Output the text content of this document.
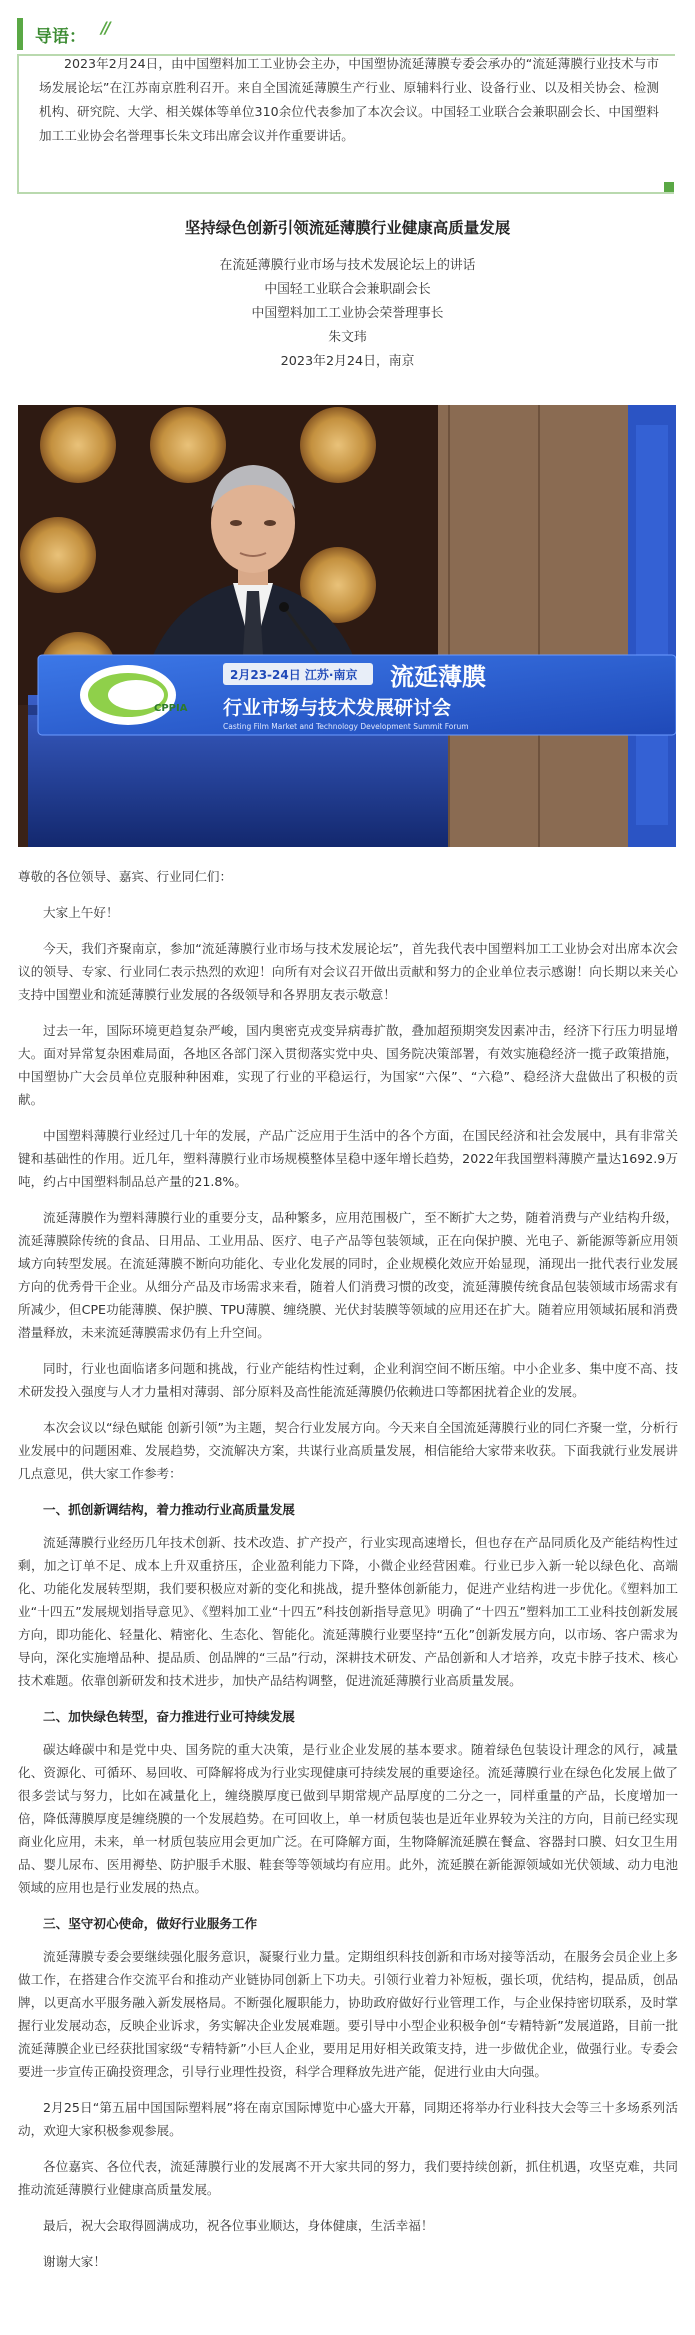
导语： //
2023年2月24日，由中国塑料加工工业协会主办，中国塑协流延薄膜专委会承办的“流延薄膜行业技术与市场发展论坛”在江苏南京胜利召开。来自全国流延薄膜生产行业、原辅料行业、设备行业、以及相关协会、检测机构、研究院、大学、相关媒体等单位310余位代表参加了本次会议。中国轻工业联合会兼职副会长、中国塑料加工工业协会名誉理事长朱文玮出席会议并作重要讲话。
坚持绿色创新引领流延薄膜行业健康高质量发展
在流延薄膜行业市场与技术发展论坛上的讲话
中国轻工业联合会兼职副会长
中国塑料加工工业协会荣誉理事长
朱文玮
2023年2月24日，南京
CPPIA
2月23-24日 江苏·南京 流延薄膜
行业市场与技术发展研讨会
Casting Film Market and Technology Development Summit Forum

尊敬的各位领导、嘉宾、行业同仁们：

大家上午好！

今天，我们齐聚南京，参加“流延薄膜行业市场与技术发展论坛”，首先我代表中国塑料加工工业协会对出席本次会议的领导、专家、行业同仁表示热烈的欢迎！向所有对会议召开做出贡献和努力的企业单位表示感谢！向长期以来关心支持中国塑业和流延薄膜行业发展的各级领导和各界朋友表示敬意！

过去一年，国际环境更趋复杂严峻，国内奥密克戎变异病毒扩散，叠加超预期突发因素冲击，经济下行压力明显增大。面对异常复杂困难局面，各地区各部门深入贯彻落实党中央、国务院决策部署，有效实施稳经济一揽子政策措施，中国塑协广大会员单位克服种种困难，实现了行业的平稳运行，为国家“六保”、“六稳”、稳经济大盘做出了积极的贡献。

中国塑料薄膜行业经过几十年的发展，产品广泛应用于生活中的各个方面，在国民经济和社会发展中，具有非常关键和基础性的作用。近几年，塑料薄膜行业市场规模整体呈稳中逐年增长趋势，2022年我国塑料薄膜产量达1692.9万吨，约占中国塑料制品总产量的21.8%。

流延薄膜作为塑料薄膜行业的重要分支，品种繁多，应用范围极广，至不断扩大之势，随着消费与产业结构升级，流延薄膜除传统的食品、日用品、工业用品、医疗、电子产品等包装领域，正在向保护膜、光电子、新能源等新应用领域方向转型发展。在流延薄膜不断向功能化、专业化发展的同时，企业规模化效应开始显现，涌现出一批代表行业发展方向的优秀骨干企业。从细分产品及市场需求来看，随着人们消费习惯的改变，流延薄膜传统食品包装领域市场需求有所减少，但CPE功能薄膜、保护膜、TPU薄膜、缠绕膜、光伏封装膜等领域的应用还在扩大。随着应用领域拓展和消费潜量释放，未来流延薄膜需求仍有上升空间。

同时，行业也面临诸多问题和挑战，行业产能结构性过剩，企业利润空间不断压缩。中小企业多、集中度不高、技术研发投入强度与人才力量相对薄弱、部分原料及高性能流延薄膜仍依赖进口等都困扰着企业的发展。

本次会议以“绿色赋能 创新引领”为主题，契合行业发展方向。今天来自全国流延薄膜行业的同仁齐聚一堂，分析行业发展中的问题困难、发展趋势，交流解决方案，共谋行业高质量发展，相信能给大家带来收获。下面我就行业发展讲几点意见，供大家工作参考：

一、抓创新调结构，着力推动行业高质量发展

流延薄膜行业经历几年技术创新、技术改造、扩产投产，行业实现高速增长，但也存在产品同质化及产能结构性过剩，加之订单不足、成本上升双重挤压，企业盈利能力下降，小微企业经营困难。行业已步入新一轮以绿色化、高端化、功能化发展转型期，我们要积极应对新的变化和挑战，提升整体创新能力，促进产业结构进一步优化。《塑料加工业“十四五”发展规划指导意见》、《塑料加工业“十四五”科技创新指导意见》明确了“十四五”塑料加工工业科技创新发展方向，即功能化、轻量化、精密化、生态化、智能化。流延薄膜行业要坚持“五化”创新发展方向，以市场、客户需求为导向，深化实施增品种、提品质、创品牌的“三品”行动，深耕技术研发、产品创新和人才培养，攻克卡脖子技术、核心技术难题。依靠创新研发和技术进步，加快产品结构调整，促进流延薄膜行业高质量发展。

二、加快绿色转型，奋力推进行业可持续发展

碳达峰碳中和是党中央、国务院的重大决策，是行业企业发展的基本要求。随着绿色包装设计理念的风行，减量化、资源化、可循环、易回收、可降解将成为行业实现健康可持续发展的重要途径。流延薄膜行业在绿色化发展上做了很多尝试与努力，比如在减量化上，缠绕膜厚度已做到早期常规产品厚度的二分之一，同样重量的产品，长度增加一倍，降低薄膜厚度是缠绕膜的一个发展趋势。在可回收上，单一材质包装也是近年业界较为关注的方向，目前已经实现商业化应用，未来，单一材质包装应用会更加广泛。在可降解方面，生物降解流延膜在餐盒、容器封口膜、妇女卫生用品、婴儿尿布、医用褥垫、防护服手术服、鞋套等等领域均有应用。此外，流延膜在新能源领域如光伏领域、动力电池领域的应用也是行业发展的热点。

三、坚守初心使命，做好行业服务工作

流延薄膜专委会要继续强化服务意识，凝聚行业力量。定期组织科技创新和市场对接等活动，在服务会员企业上多做工作，在搭建合作交流平台和推动产业链协同创新上下功夫。引领行业着力补短板，强长项，优结构，提品质，创品牌，以更高水平服务融入新发展格局。不断强化履职能力，协助政府做好行业管理工作，与企业保持密切联系，及时掌握行业发展动态，反映企业诉求，务实解决企业发展难题。要引导中小型企业积极争创“专精特新”发展道路，目前一批流延薄膜企业已经获批国家级“专精特新”小巨人企业，要用足用好相关政策支持，进一步做优企业，做强行业。专委会要进一步宣传正确投资理念，引导行业理性投资，科学合理释放先进产能，促进行业由大向强。

2月25日“第五届中国国际塑料展”将在南京国际博览中心盛大开幕，同期还将举办行业科技大会等三十多场系列活动，欢迎大家积极参观参展。

各位嘉宾、各位代表，流延薄膜行业的发展离不开大家共同的努力，我们要持续创新，抓住机遇，攻坚克难，共同推动流延薄膜行业健康高质量发展。

最后，祝大会取得圆满成功，祝各位事业顺达，身体健康，生活幸福！

谢谢大家！
